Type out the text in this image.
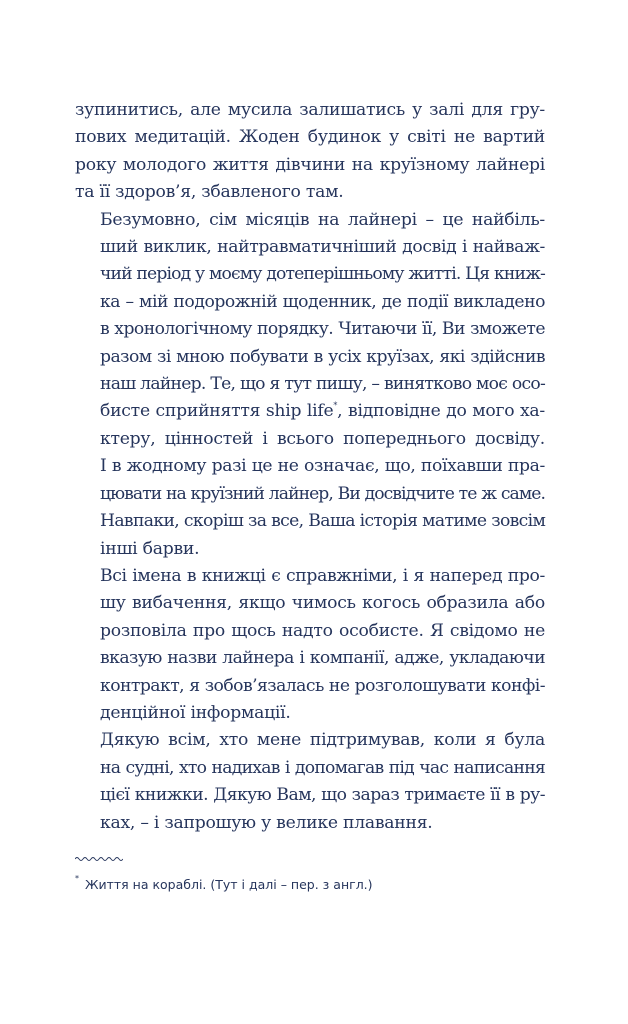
зупинитись, але мусила залишатись у залі для гру-
пових медитацій. Жоден будинок у світі не вартий
року молодого життя дівчини на круїзному лайнері
та її здоров’я, збавленого там.

Безумовно, сім місяців на лайнері – це найбіль-
ший виклик, найтравматичніший досвід і найваж-
чий період у моєму дотеперішньому житті. Ця книж-
ка – мій подорожній щоденник, де події викладено
в хронологічному порядку. Читаючи її, Ви зможете
разом зі мною побувати в усіх круїзах, які здійснив
наш лайнер. Те, що я тут пишу, – винятково моє осо-
бисте сприйняття ship life*, відповідне до мого ха-
ктеру, цінностей і всього попереднього досвіду.
І в жодному разі це не означає, що, поїхавши пра-
цювати на круїзний лайнер, Ви досвідчите те ж саме.
Навпаки, скоріш за все, Ваша історія матиме зовсім
інші барви.

Всі імена в книжці є справжніми, і я наперед про-
шу вибачення, якщо чимось когось образила або
розповіла про щось надто особисте. Я свідомо не
вказую назви лайнера і компанії, адже, укладаючи
контракт, я зобов’язалась не розголошувати конфі-
денційної інформації.

Дякую всім, хто мене підтримував, коли я була
на судні, хто надихав і допомагав під час написання
цієї книжки. Дякую Вам, що зараз тримаєте її в ру-
ках, – і запрошую у велике плавання.

* Життя на кораблі. (Тут і далі – пер. з англ.)
